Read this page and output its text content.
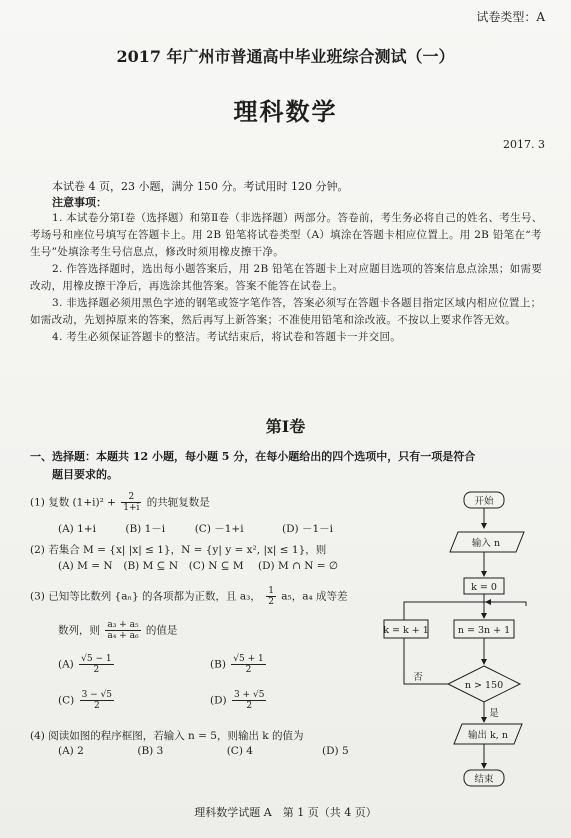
试卷类型：A
2017 年广州市普通高中毕业班综合测试（一）
理科数学
2017. 3
本试卷 4 页，23 小题，满分 150 分。考试用时 120 分钟。
注意事项：

1. 本试卷分第Ⅰ卷（选择题）和第Ⅱ卷（非选择题）两部分。答卷前，考生务必将自己的姓名、考生号、考场号和座位号填写在答题卡上。用 2B 铅笔将试卷类型（A）填涂在答题卡相应位置上。用 2B 铅笔在“考生号”处填涂考生号信息点，修改时须用橡皮擦干净。

2. 作答选择题时，选出每小题答案后，用 2B 铅笔在答题卡上对应题目选项的答案信息点涂黑；如需要改动，用橡皮擦干净后，再选涂其他答案。答案不能答在试卷上。

3. 非选择题必须用黑色字迹的钢笔或签字笔作答，答案必须写在答题卡各题目指定区域内相应位置上；如需改动，先划掉原来的答案，然后再写上新答案；不准使用铅笔和涂改液。不按以上要求作答无效。

4. 考生必须保证答题卡的整洁。考试结束后，将试卷和答题卡一并交回。

第Ⅰ卷
一、选择题：本题共 12 小题，每小题 5 分，在每小题给出的四个选项中，只有一项是符合
题目要求的。
(1) 复数 $(1+i)^2 + \frac{2}{1+i}$ 的共轭复数是
(A) 1+i	(B) 1－i	(C) －1+i	(D) －1－i
(2) 若集合 M = {x| |x| ≤ 1}，N = {y| y = x², |x| ≤ 1}，则
(A) M = N (B) M ⊆ N (C) N ⊆ M (D) M ∩ N = ∅
(3) 已知等比数列 {aₙ} 的各项都为正数，且 a₃， $\frac{1}{2} a_5$，a₄ 成等差
数列，则 $\frac{\text{a₃ + a₅}}{\text{a₄ + a₆}}$ 的值是
$(A) \frac{√5 - 1}{2}$	$(B) \frac{√5 + 1}{2}$
$(C) \frac{3 - √5}{2}$	$(D) \frac{3 + √5}{2}$
(4) 阅读如图的程序框图，若输入 n = 5，则输出 k 的值为
(A) 2	(B) 3	(C) 4	(D) 5
开始
输入 n
k = 0
n = 3n + 1
k = k + 1
n > 150
否
是
输出 k, n
结束
理科数学试题 A　第 1 页（共 4 页）
